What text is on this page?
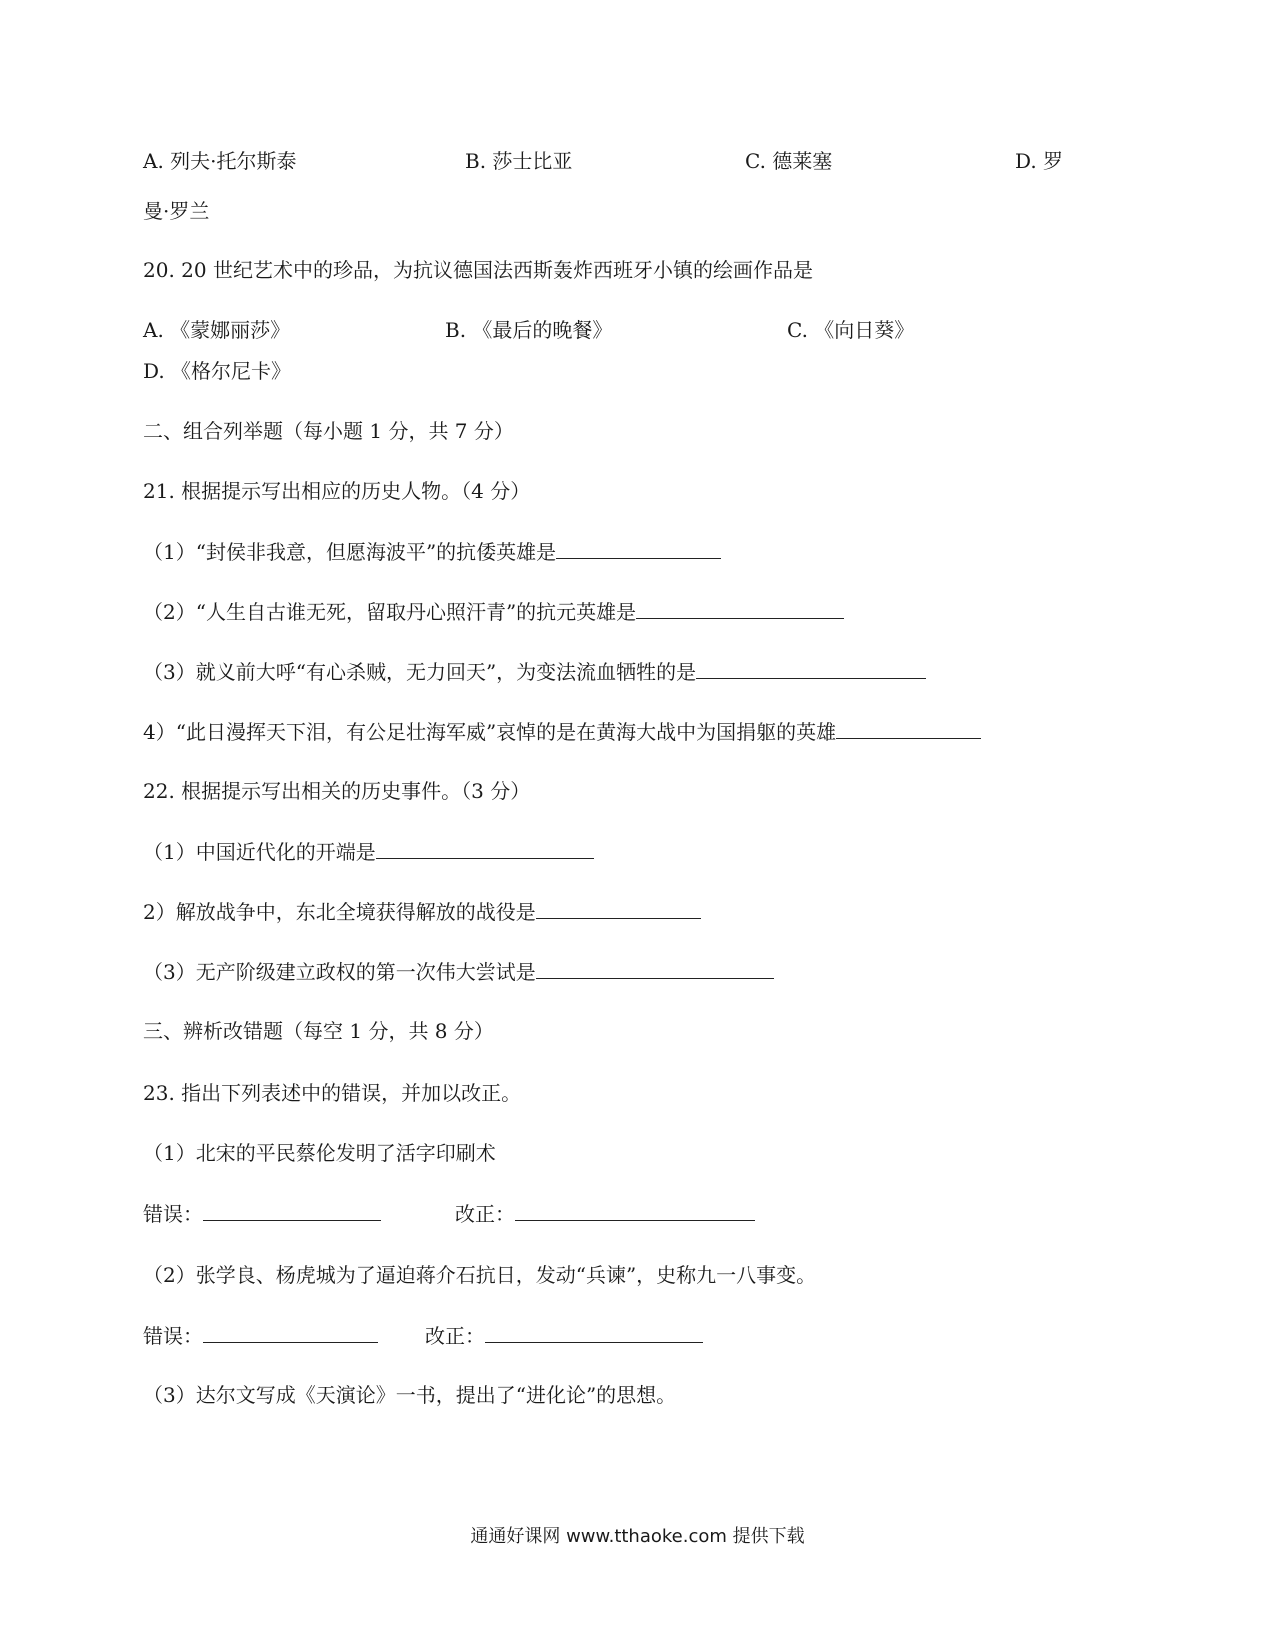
A. 列夫·托尔斯泰	B. 莎士比亚	C. 德莱塞	D. 罗
曼·罗兰
20. 20 世纪艺术中的珍品，为抗议德国法西斯轰炸西班牙小镇的绘画作品是
A. 《蒙娜丽莎》	B. 《最后的晚餐》	C. 《向日葵》
D. 《格尔尼卡》
二、组合列举题（每小题 1 分，共 7 分）
21. 根据提示写出相应的历史人物。（4 分）
（1）“封侯非我意，但愿海波平”的抗倭英雄是
（2）“人生自古谁无死，留取丹心照汗青”的抗元英雄是
（3）就义前大呼“有心杀贼，无力回天”，为变法流血牺牲的是
4）“此日漫挥天下泪，有公足壮海军威”哀悼的是在黄海大战中为国捐躯的英雄
22. 根据提示写出相关的历史事件。（3 分）
（1）中国近代化的开端是
2）解放战争中，东北全境获得解放的战役是
（3）无产阶级建立政权的第一次伟大尝试是
三、辨析改错题（每空 1 分，共 8 分）
23. 指出下列表述中的错误，并加以改正。
（1）北宋的平民蔡伦发明了活字印刷术
错误：	改正：
（2）张学良、杨虎城为了逼迫蒋介石抗日，发动“兵谏”，史称九一八事变。
错误：	改正：
（3）达尔文写成《天演论》一书，提出了“进化论”的思想。
通通好课网 www.tthaoke.com 提供下载
